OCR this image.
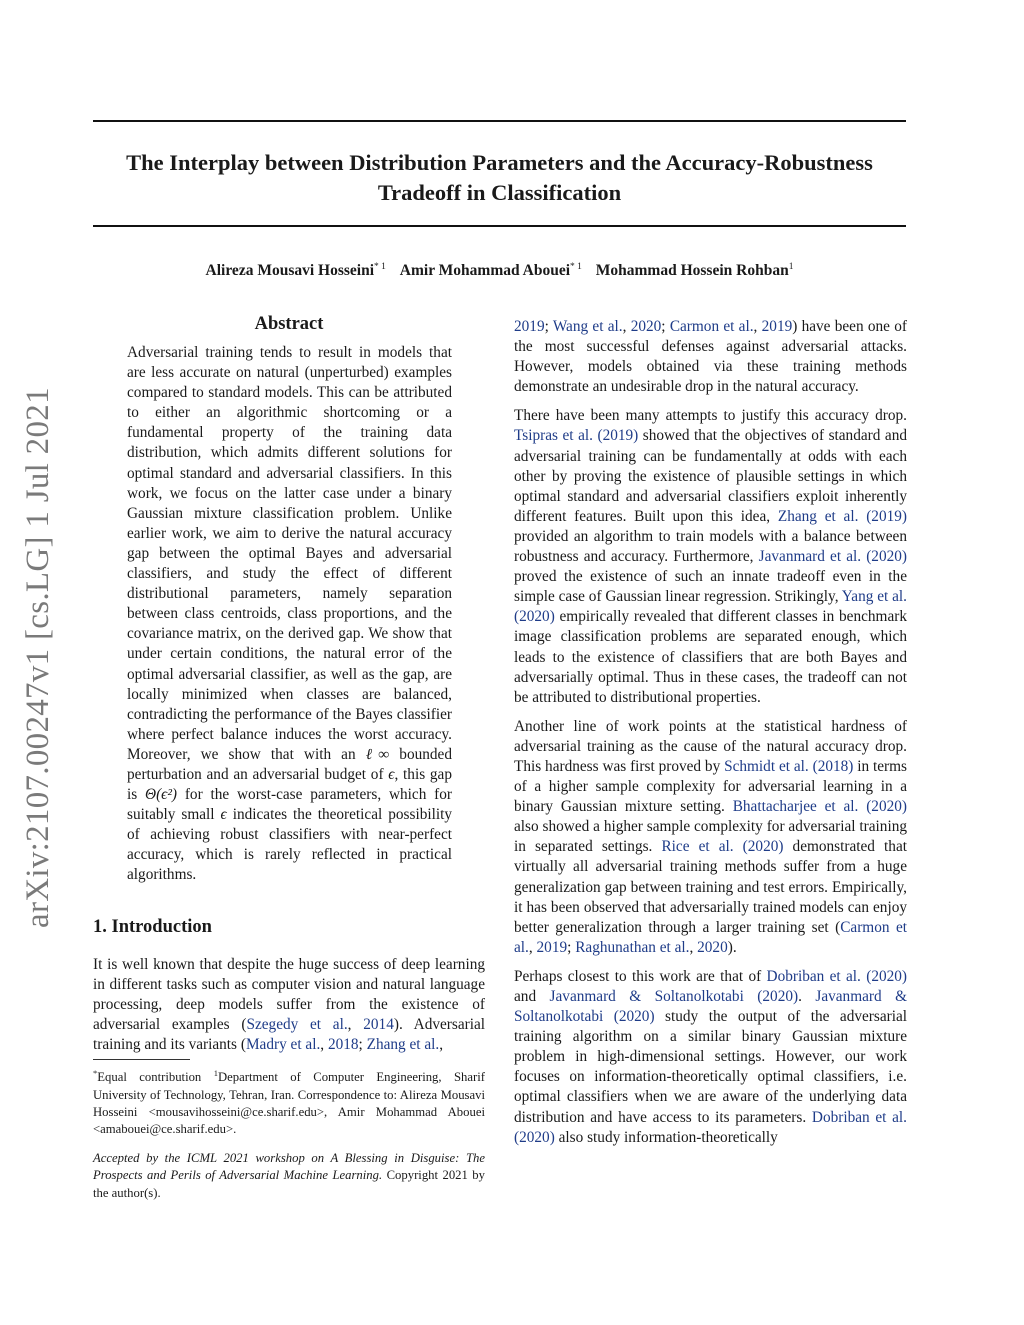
The Interplay between Distribution Parameters and the Accuracy-Robustness
Tradeoff in Classification
Alireza Mousavi Hosseini$^{* 1}$ Amir Mohammad Abouei$^{* 1}$ Mohammad Hossein Rohban$^1$
arXiv:2107.00247v1 [cs.LG] 1 Jul 2021
Abstract

Adversarial training tends to result in models that are less accurate on natural (unperturbed) examples compared to standard models. This can be attributed to either an algorithmic shortcoming or a fundamental property of the training data distribution, which admits different solutions for optimal standard and adversarial classifiers. In this work, we focus on the latter case under a binary Gaussian mixture classification problem. Unlike earlier work, we aim to derive the natural accuracy gap between the optimal Bayes and adversarial classifiers, and study the effect of different distributional parameters, namely separation between class centroids, class proportions, and the covariance matrix, on the derived gap. We show that under certain conditions, the natural error of the optimal adversarial classifier, as well as the gap, are locally minimized when classes are balanced, contradicting the performance of the Bayes classifier where perfect balance induces the worst accuracy. Moreover, we show that with an ℓ∞ bounded perturbation and an adversarial budget of ϵ, this gap is Θ(ϵ²) for the worst-case parameters, which for suitably small ϵ indicates the theoretical possibility of achieving robust classifiers with near-perfect accuracy, which is rarely reflected in practical algorithms.

1. Introduction

It is well known that despite the huge success of deep learning in different tasks such as computer vision and natural language processing, deep models suffer from the existence of adversarial examples (Szegedy et al., 2014). Adversarial training and its variants (Madry et al., 2018; Zhang et al.,

*Equal contribution $^1$Department of Computer Engineering, Sharif University of Technology, Tehran, Iran. Correspondence to: Alireza Mousavi Hosseini <mousavihosseini@ce.sharif.edu>, Amir Mohammad Abouei <amabouei@ce.sharif.edu>.
Accepted by the ICML 2021 workshop on A Blessing in Disguise: The Prospects and Perils of Adversarial Machine Learning. Copyright 2021 by the author(s).

2019; Wang et al., 2020; Carmon et al., 2019) have been one of the most successful defenses against adversarial attacks. However, models obtained via these training methods demonstrate an undesirable drop in the natural accuracy.

There have been many attempts to justify this accuracy drop. Tsipras et al. (2019) showed that the objectives of standard and adversarial training can be fundamentally at odds with each other by proving the existence of plausible settings in which optimal standard and adversarial classifiers exploit inherently different features. Built upon this idea, Zhang et al. (2019) provided an algorithm to train models with a balance between robustness and accuracy. Furthermore, Javanmard et al. (2020) proved the existence of such an innate tradeoff even in the simple case of Gaussian linear regression. Strikingly, Yang et al. (2020) empirically revealed that different classes in benchmark image classification problems are separated enough, which leads to the existence of classifiers that are both Bayes and adversarially optimal. Thus in these cases, the tradeoff can not be attributed to distributional properties.

Another line of work points at the statistical hardness of adversarial training as the cause of the natural accuracy drop. This hardness was first proved by Schmidt et al. (2018) in terms of a higher sample complexity for adversarial learning in a binary Gaussian mixture setting. Bhattacharjee et al. (2020) also showed a higher sample complexity for adversarial training in separated settings. Rice et al. (2020) demonstrated that virtually all adversarial training methods suffer from a huge generalization gap between training and test errors. Empirically, it has been observed that adversarially trained models can enjoy better generalization through a larger training set (Carmon et al., 2019; Raghunathan et al., 2020).

Perhaps closest to this work are that of Dobriban et al. (2020) and Javanmard & Soltanolkotabi (2020). Javanmard & Soltanolkotabi (2020) study the output of the adversarial training algorithm on a similar binary Gaussian mixture problem in high-dimensional settings. However, our work focuses on information-theoretically optimal classifiers, i.e. optimal classifiers when we are aware of the underlying data distribution and have access to its parameters. Dobriban et al. (2020) also study information-theoretically
